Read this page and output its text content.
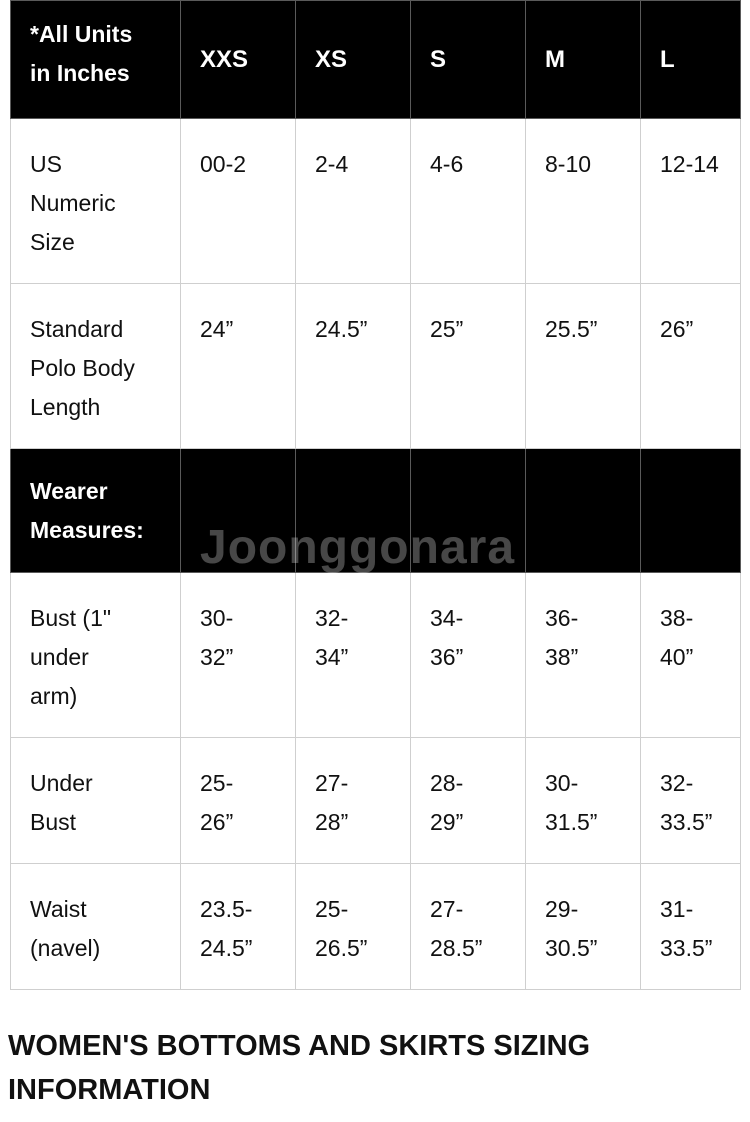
*All Units
in Inches	XXS	XS	S	M	L
US
Numeric
Size	00-2	2-4	4-6	8-10	12-14
Standard
Polo Body
Length	24”	24.5”	25”	25.5”	26”
Wearer
Measures:					
Bust (1"
under
arm)	30-
32”	32-
34”	34-
36”	36-
38”	38-
40”
Under
Bust	25-
26”	27-
28”	28-
29”	30-
31.5”	32-
33.5”
Waist
(navel)	23.5-
24.5”	25-
26.5”	27-
28.5”	29-
30.5”	31-
33.5”
WOMEN'S BOTTOMS AND SKIRTS SIZING INFORMATION
Joonggonara
